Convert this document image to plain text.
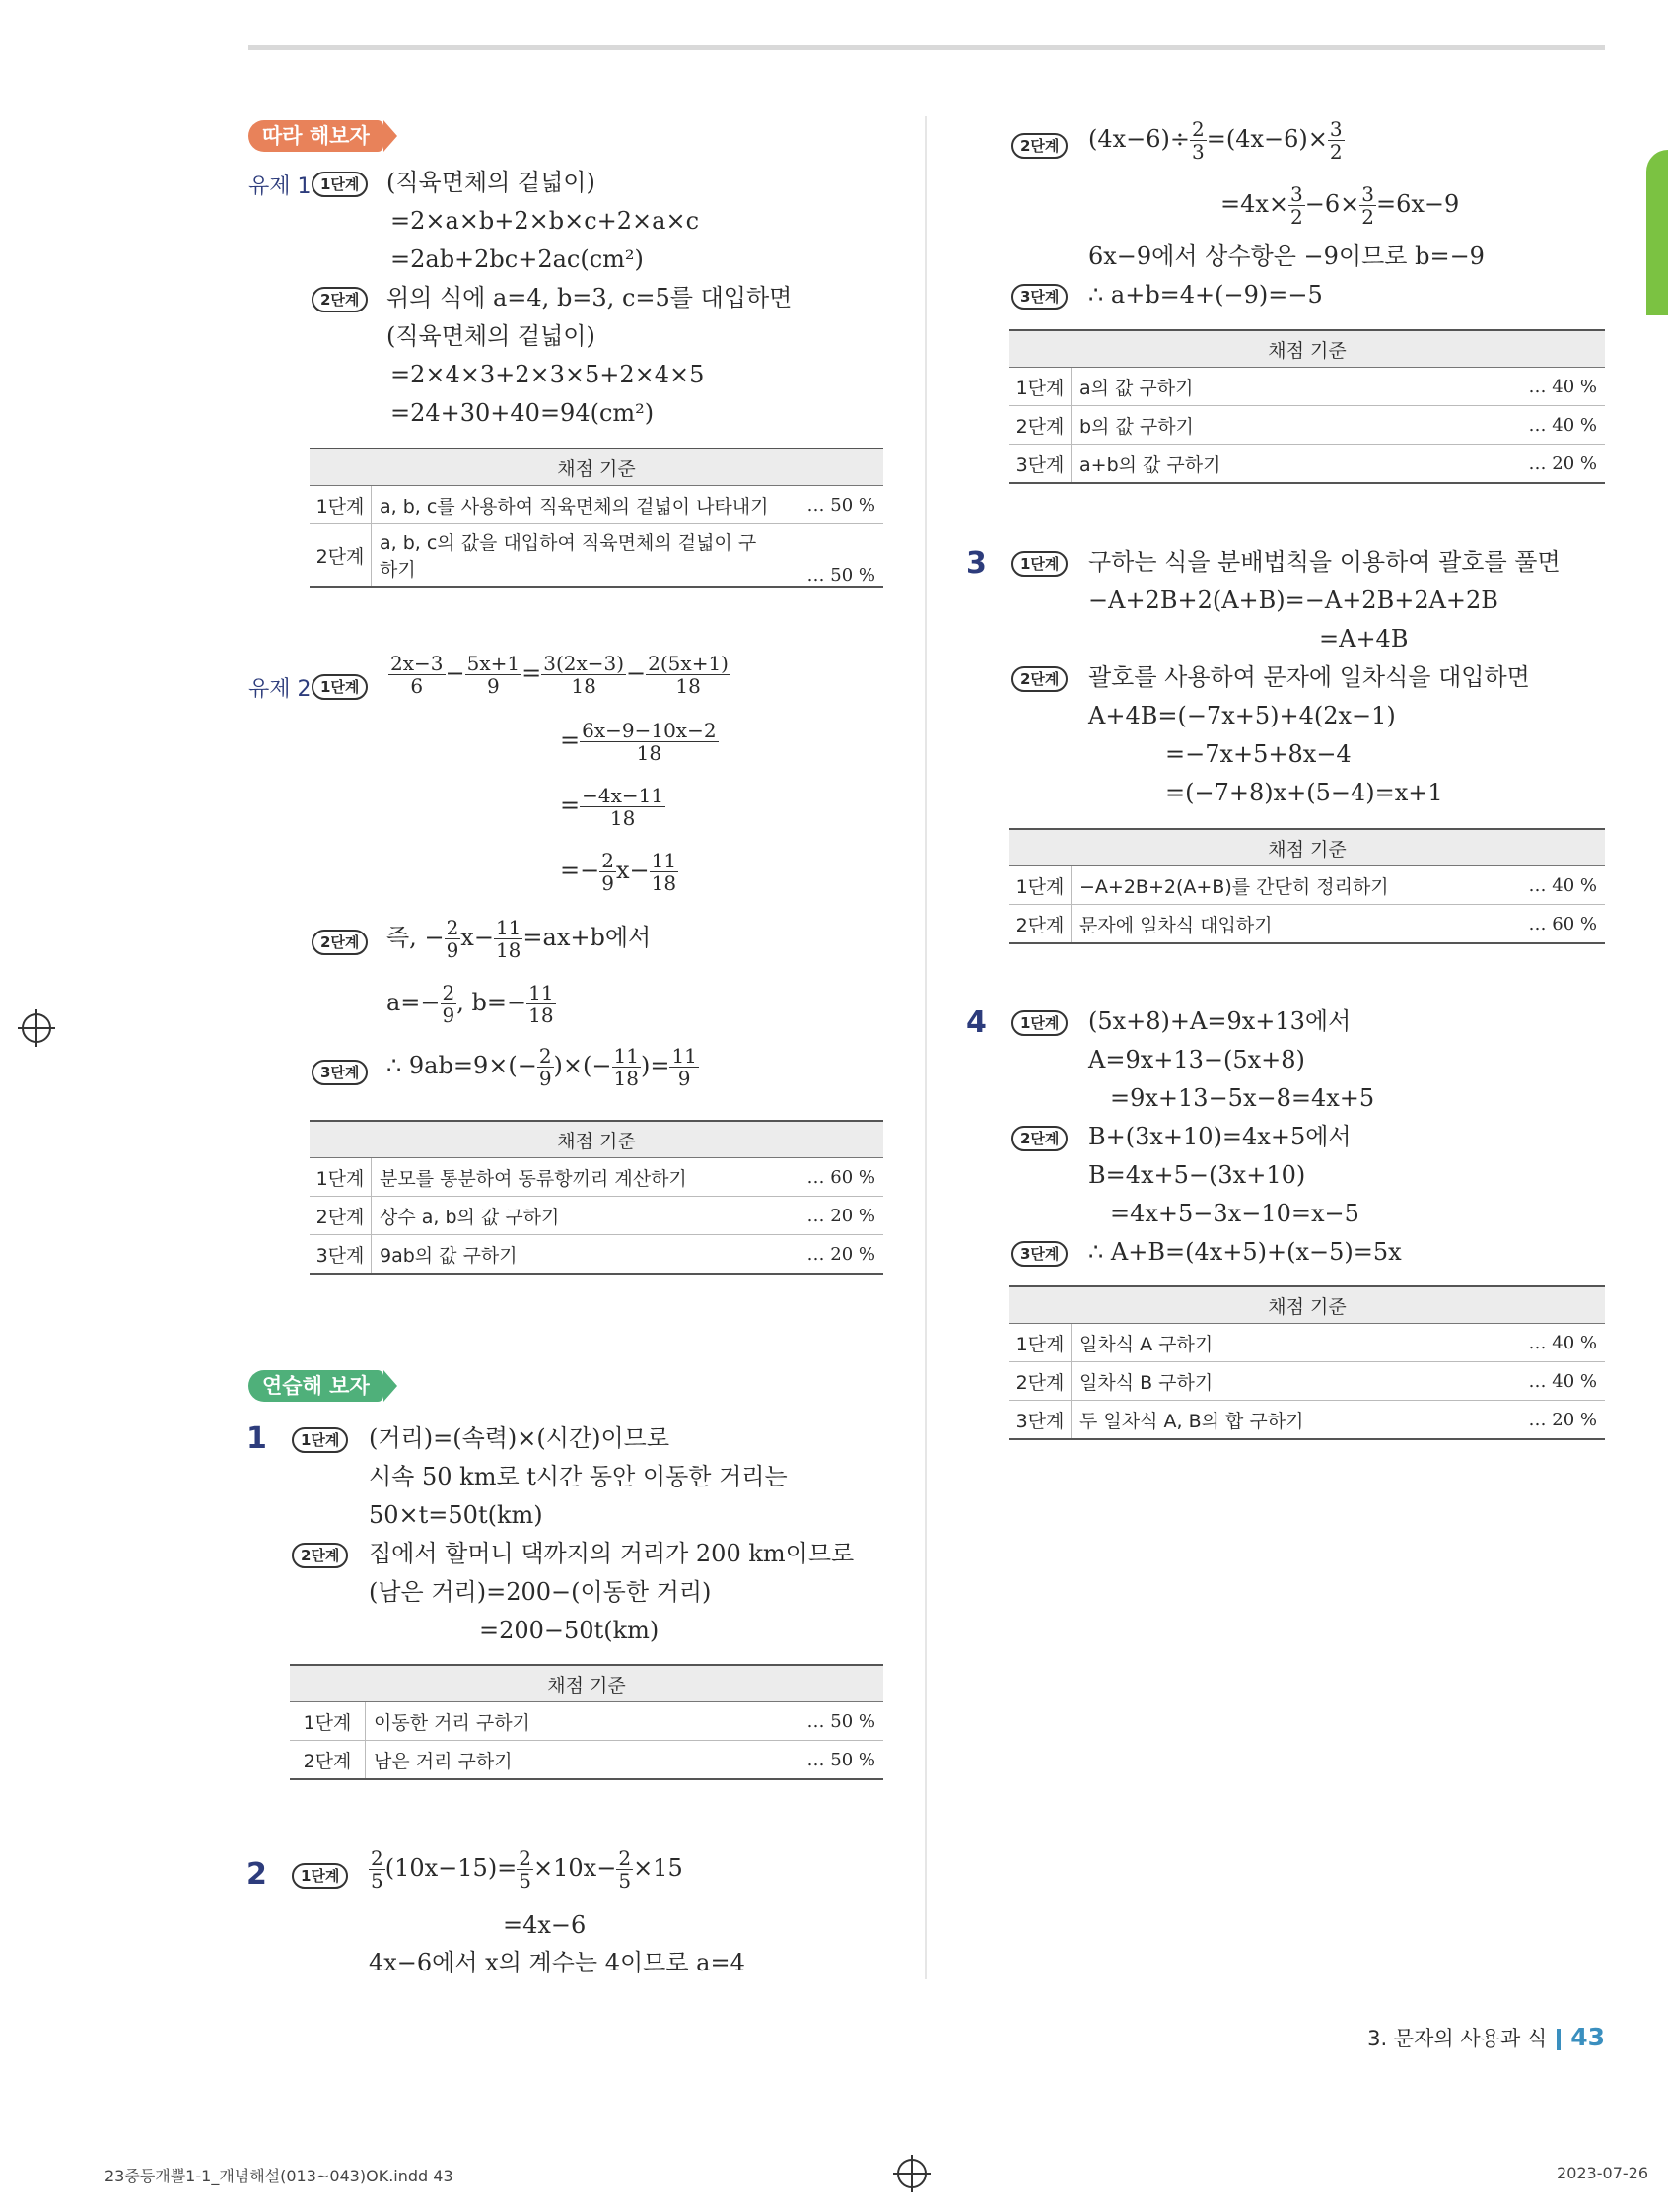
따라 해보자
유제 1 1단계	(직육면체의 겉넓이)
=2×a×b+2×b×c+2×a×c
=2ab+2bc+2ac(cm²)
2단계	위의 식에 a=4, b=3, c=5를 대입하면
(직육면체의 겉넓이)
=2×4×3+2×3×5+2×4×5
=24+30+40=94(cm²)
채점 기준		
1단계	a, b, c를 사용하여 직육면체의 겉넓이 나타내기	… 50 %
2단계	a, b, c의 값을 대입하여 직육면체의 겉넓이 구하기	… 50 %
유제 2 1단계	$\frac{2x-3}{6} - \frac{5x+1}{9} = \frac{3(2x-3)}{18} - \frac{2(5x+1)}{18}$
= $\frac{6x-9-10x-2}{18}$
= $\frac{-4x-11}{18}$
=− $\frac{2}{9} x- \frac{11}{18}$
2단계	즉, − $\frac{2}{9} x- \frac{11}{18} =ax+b$에서
$a=- \frac{2}{9}$ , $b=- \frac{11}{18}$
3단계	∴ $9ab=9\times(- \frac{2}{9}$ )×(− $\frac{11}{18}$ )= $\frac{11}{9}$
채점 기준		
1단계	분모를 통분하여 동류항끼리 계산하기	… 60 %
2단계	상수 a, b의 값 구하기	… 20 %
3단계	9ab의 값 구하기	… 20 %
연습해 보자
1	1단계	(거리)=(속력)×(시간)이므로
시속 50 km로 t시간 동안 이동한 거리는
50×t=50t(km)
2단계	집에서 할머니 댁까지의 거리가 200 km이므로
(남은 거리)=200−(이동한 거리)
=200−50t(km)
채점 기준		
1단계	이동한 거리 구하기	… 50 %
2단계	남은 거리 구하기	… 50 %
2	1단계	$\frac{2}{5} (10x-15)= \frac{2}{5} \times 10x- \frac{2}{5} \times 15$
=4x−6
4x−6에서 x의 계수는 4이므로 a=4
2단계	$(4x-6)\div \frac{2}{3} =(4x-6)\times \frac{3}{2}$
$=4x\times \frac{3}{2} -6\times \frac{3}{2} =6x-9$
6x−9에서 상수항은 −9이므로 b=−9
3단계	∴ a+b=4+(−9)=−5
채점 기준		
1단계	a의 값 구하기	… 40 %
2단계	b의 값 구하기	… 40 %
3단계	a+b의 값 구하기	… 20 %
3	1단계	구하는 식을 분배법칙을 이용하여 괄호를 풀면
−A+2B+2(A+B)=−A+2B+2A+2B
=A+4B
2단계	괄호를 사용하여 문자에 일차식을 대입하면
A+4B=(−7x+5)+4(2x−1)
=−7x+5+8x−4
=(−7+8)x+(5−4)=x+1
채점 기준		
1단계	−A+2B+2(A+B)를 간단히 정리하기	… 40 %
2단계	문자에 일차식 대입하기	… 60 %
4	1단계	(5x+8)+A=9x+13에서
A=9x+13−(5x+8)
=9x+13−5x−8=4x+5
2단계	B+(3x+10)=4x+5에서
B=4x+5−(3x+10)
=4x+5−3x−10=x−5
3단계	∴ A+B=(4x+5)+(x−5)=5x
채점 기준		
1단계	일차식 A 구하기	… 40 %
2단계	일차식 B 구하기	… 40 %
3단계	두 일차식 A, B의 합 구하기	… 20 %
3. 문자의 사용과 식 43
23중등개뿔1-1_개념해설(013~043)OK.indd 43	2023-07-26
